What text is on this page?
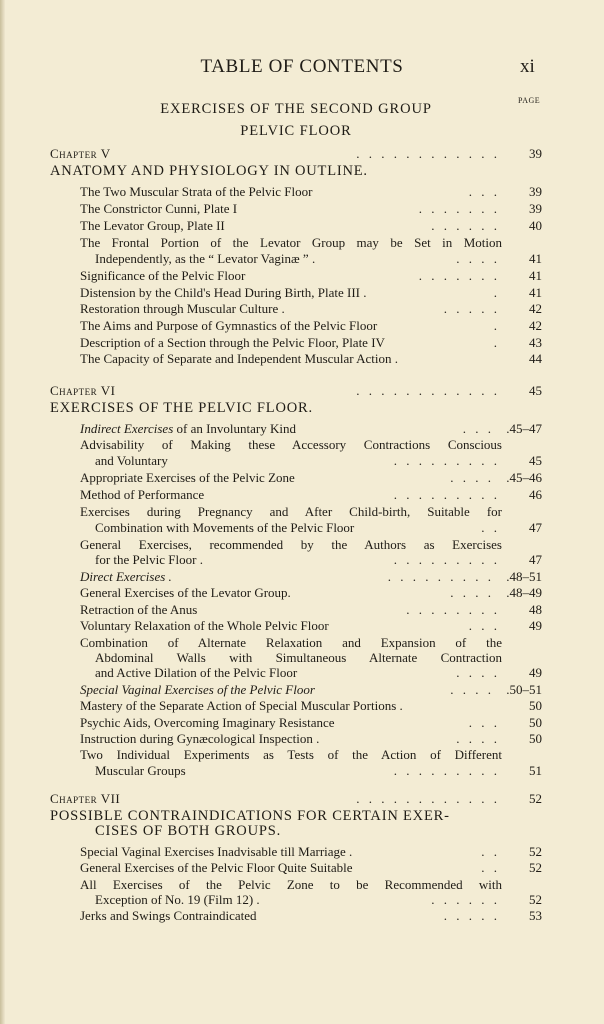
TABLE OF CONTENTS	xi
PAGE
EXERCISES OF THE SECOND GROUP
PELVIC FLOOR
Chapter V	. . . . . . . . . . . . 39
ANATOMY AND PHYSIOLOGY IN OUTLINE.
The Two Muscular Strata of the Pelvic Floor	. . . 39
The Constrictor Cunni, Plate I	. . . . . . . 39
The Levator Group, Plate II	. . . . . . 40
The Frontal Portion of the Levator Group may be Set in Motion
Independently, as the “ Levator Vaginæ ” .	. . . . 41
Significance of the Pelvic Floor	. . . . . . . 41
Distension by the Child's Head During Birth, Plate III .	. 41
Restoration through Muscular Culture .	. . . . . 42
The Aims and Purpose of Gymnastics of the Pelvic Floor	. 42
Description of a Section through the Pelvic Floor, Plate IV	. 43
The Capacity of Separate and Independent Muscular Action .	44
Chapter VI	. . . . . . . . . . . . 45
EXERCISES OF THE PELVIC FLOOR.
Indirect Exercises of an Involuntary Kind	. . . .45–47
Advisability of Making these Accessory Contractions Conscious
and Voluntary	. . . . . . . . . 45
Appropriate Exercises of the Pelvic Zone	. . . . .45–46
Method of Performance	. . . . . . . . . 46
Exercises during Pregnancy and After Child-birth, Suitable for
Combination with Movements of the Pelvic Floor	. . 47
General Exercises, recommended by the Authors as Exercises
for the Pelvic Floor .	. . . . . . . . . 47
Direct Exercises .	. . . . . . . . . .48–51
General Exercises of the Levator Group.	. . . . .48–49
Retraction of the Anus	. . . . . . . . 48
Voluntary Relaxation of the Whole Pelvic Floor	. . . 49
Combination of Alternate Relaxation and Expansion of the
Abdominal Walls with Simultaneous Alternate Contraction
and Active Dilation of the Pelvic Floor	. . . . 49
Special Vaginal Exercises of the Pelvic Floor	. . . . .50–51
Mastery of the Separate Action of Special Muscular Portions .	50
Psychic Aids, Overcoming Imaginary Resistance	. . . 50
Instruction during Gynæcological Inspection .	. . . . 50
Two Individual Experiments as Tests of the Action of Different
Muscular Groups	. . . . . . . . . 51
Chapter VII	. . . . . . . . . . . . 52
POSSIBLE CONTRAINDICATIONS FOR CERTAIN EXER-
CISES OF BOTH GROUPS.
Special Vaginal Exercises Inadvisable till Marriage .	. . 52
General Exercises of the Pelvic Floor Quite Suitable	. . 52
All Exercises of the Pelvic Zone to be Recommended with
Exception of No. 19 (Film 12) .	. . . . . . 52
Jerks and Swings Contraindicated	. . . . . 53
